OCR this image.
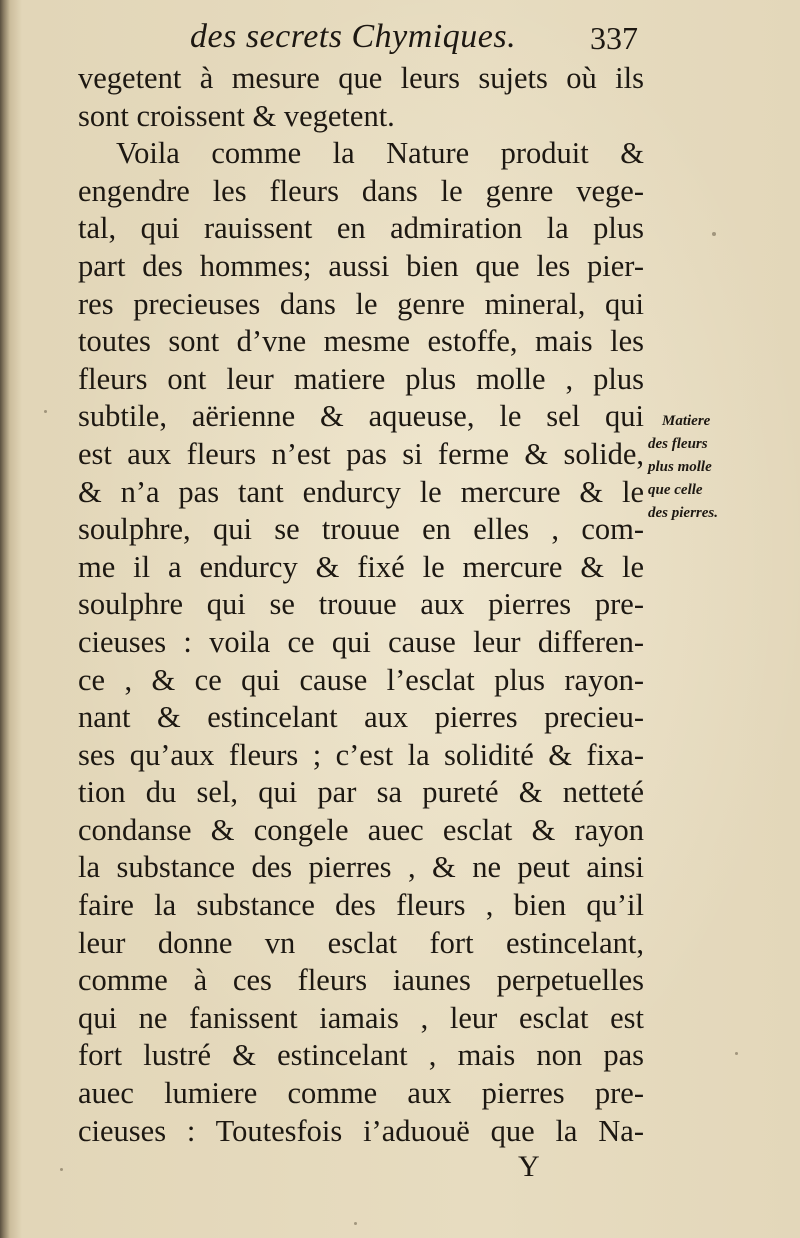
des secrets Chymiques. 337
vegetent à mesure que leurs sujets où ils
sont croissent & vegetent.
Voila comme la Nature produit &
engendre les fleurs dans le genre vege-
tal, qui rauissent en admiration la plus
part des hommes; aussi bien que les pier-
res precieuses dans le genre mineral, qui
toutes sont d’vne mesme estoffe, mais les
fleurs ont leur matiere plus molle , plus
subtile, aërienne & aqueuse, le sel qui
est aux fleurs n’est pas si ferme & solide,
& n’a pas tant endurcy le mercure & le
soulphre, qui se trouue en elles , com-
me il a endurcy & fixé le mercure & le
soulphre qui se trouue aux pierres pre-
cieuses : voila ce qui cause leur differen-
ce , & ce qui cause l’esclat plus rayon-
nant & estincelant aux pierres precieu-
ses qu’aux fleurs ; c’est la solidité & fixa-
tion du sel, qui par sa pureté & netteté
condanse & congele auec esclat & rayon
la substance des pierres , & ne peut ainsi
faire la substance des fleurs , bien qu’il
leur donne vn esclat fort estincelant,
comme à ces fleurs iaunes perpetuelles
qui ne fanissent iamais , leur esclat est
fort lustré & estincelant , mais non pas
auec lumiere comme aux pierres pre-
cieuses : Toutesfois i’aduouë que la Na-
Matiere
des fleurs
plus molle
que celle
des pierres.
Y
